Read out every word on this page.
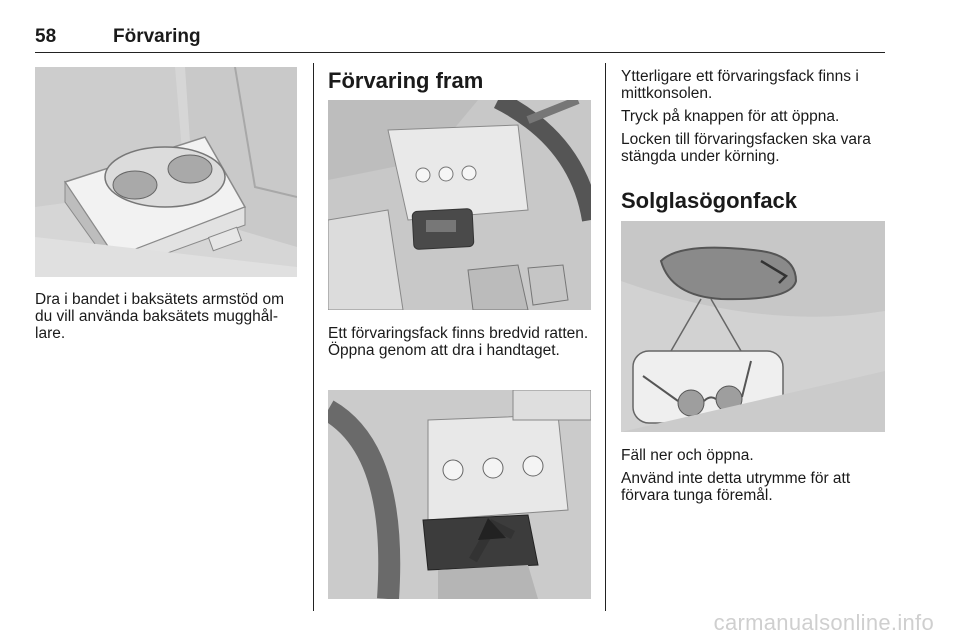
58	Förvaring

Dra i bandet i baksätets armstöd om du vill använda baksätets mugghållare.

Förvaring fram

Ett förvaringsfack finns bredvid ratten. Öppna genom att dra i handtaget.

Ytterligare ett förvaringsfack finns i mittkonsolen.

Tryck på knappen för att öppna.

Locken till förvaringsfacken ska vara stängda under körning.

Solglasögonfack

Fäll ner och öppna.

Använd inte detta utrymme för att förvara tunga föremål.

carmanualsonline.info
